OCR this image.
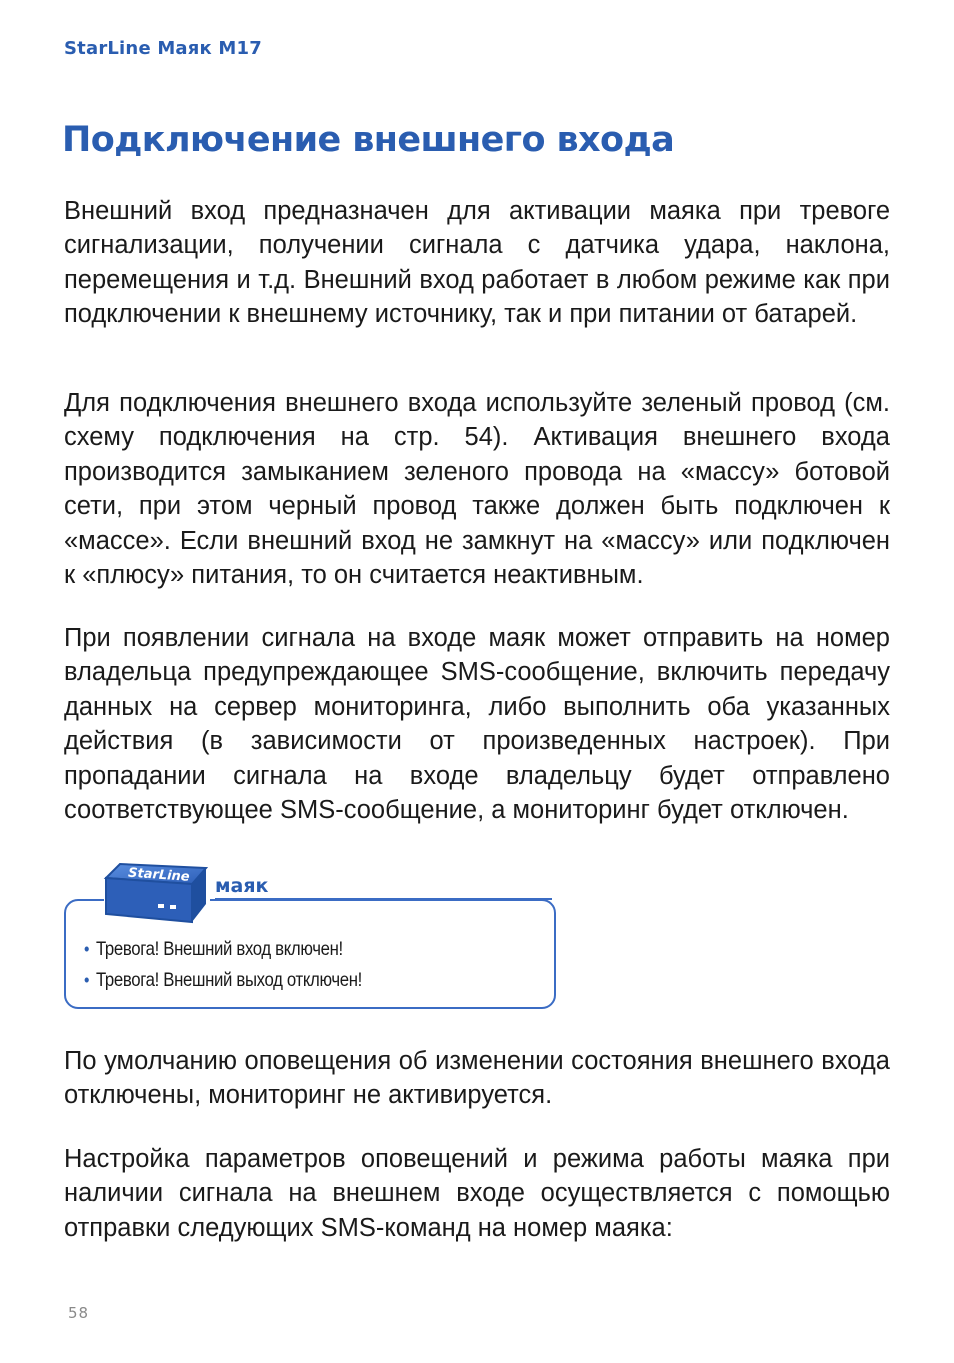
StarLine Маяк M17
Подключение внешнего входа

Внешний вход предназначен для активации маяка при тревоге сигнализации, получении сигнала с датчика удара, наклона, перемещения и т.д. Внешний вход работает в любом режиме как при подключении к внешнему источнику, так и при питании от батарей.

Для подключения внешнего входа используйте зеленый провод (см. схему подключения на стр. 54). Активация внешнего входа производится замыканием зеленого провода на «массу» ботовой сети, при этом черный провод также должен быть подключен к «массе». Если внешний вход не замкнут на «массу» или подключен к «плюсу» питания, то он считается неактивным.

При появлении сигнала на входе маяк может отправить на номер владельца предупреждающее SMS-сообщение, включить передачу данных на сервер мониторинга, либо выполнить оба указанных действия (в зависимости от произведенных настроек). При пропадании сигнала на входе владельцу будет отправлено соответствующее SMS-сообщение, а мониторинг будет отключен.

StarLine маяк
• Тревога! Внешний вход включен!
• Тревога! Внешний выход отключен!

По умолчанию оповещения об изменении состояния внешнего входа отключены, мониторинг не активируется.

Настройка параметров оповещений и режима работы маяка при наличии сигнала на внешнем входе осуществляется с помощью отправки следующих SMS-команд на номер маяка:

58
